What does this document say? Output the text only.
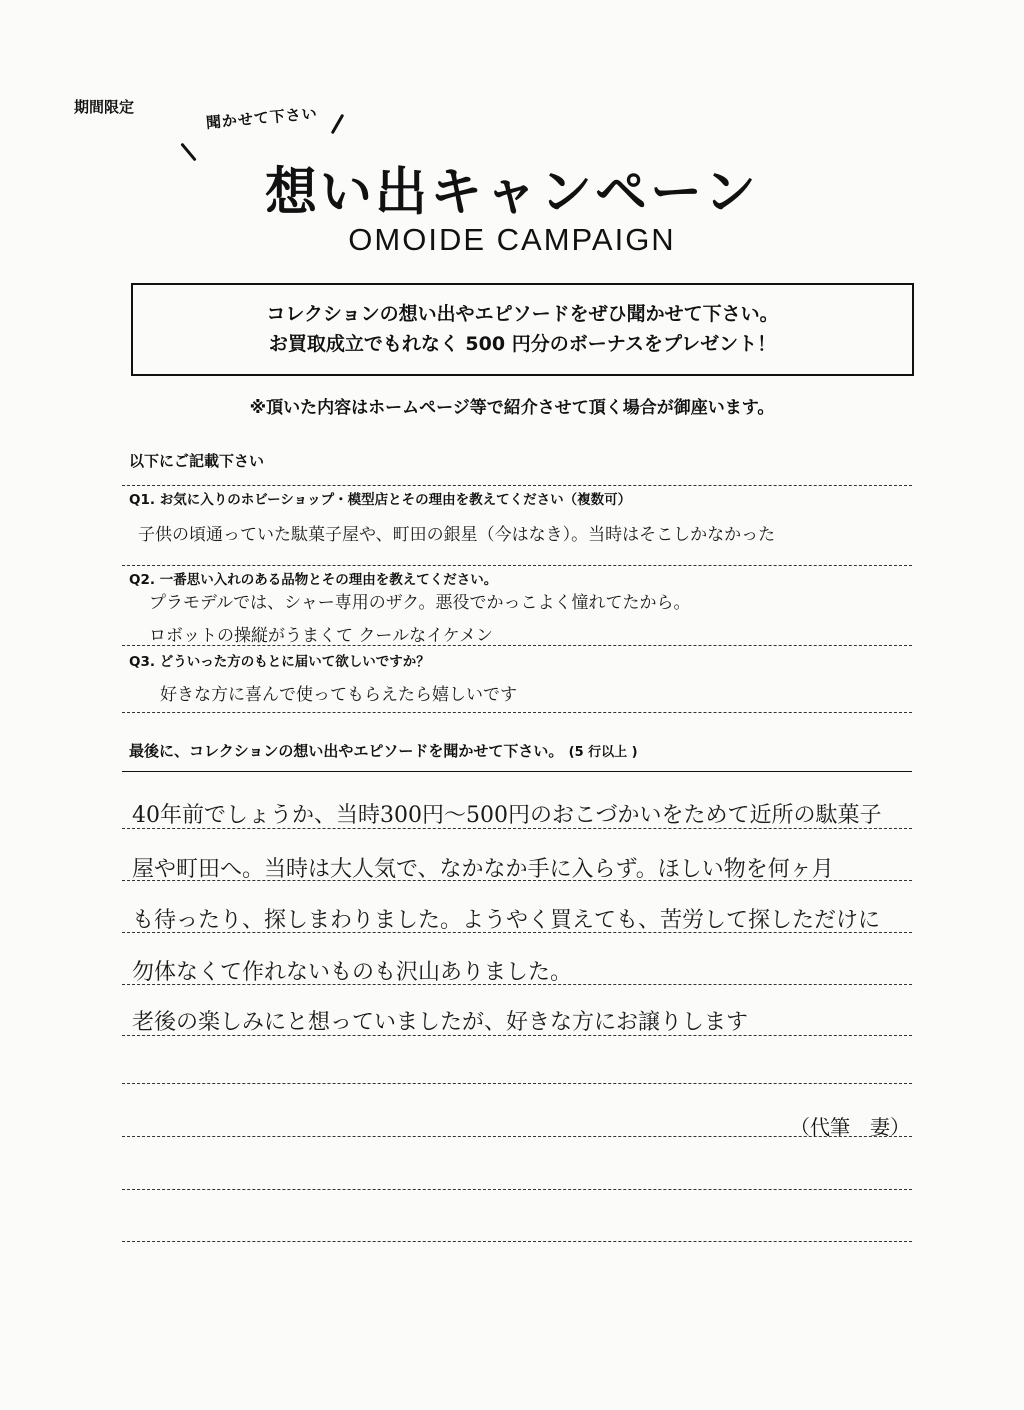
期間限定	聞かせて下さい
想い出キャンペーン
OMOIDE CAMPAIGN
コレクションの想い出やエピソードをぜひ聞かせて下さい。
お買取成立でもれなく 500 円分のボーナスをプレゼント！
※頂いた内容はホームページ等で紹介させて頂く場合が御座います。
以下にご記載下さい
Q1. お気に入りのホビーショップ・模型店とその理由を教えてください（複数可）
子供の頃通っていた駄菓子屋や、町田の銀星（今はなき）。当時はそこしかなかった
Q2. 一番思い入れのある品物とその理由を教えてください。
プラモデルでは、シャー専用のザク。悪役でかっこよく憧れてたから。
ロボットの操縦がうまくて クールなイケメン
Q3. どういった方のもとに届いて欲しいですか？
好きな方に喜んで使ってもらえたら嬉しいです
最後に、コレクションの想い出やエピソードを聞かせて下さい。 (5 行以上 )
40年前でしょうか、当時300円～500円のおこづかいをためて近所の駄菓子
屋や町田へ。当時は大人気で、なかなか手に入らず。ほしい物を何ヶ月
も待ったり、探しまわりました。ようやく買えても、苦労して探しただけに
勿体なくて作れないものも沢山ありました。
老後の楽しみにと想っていましたが、好きな方にお譲りします
（代筆　妻）
